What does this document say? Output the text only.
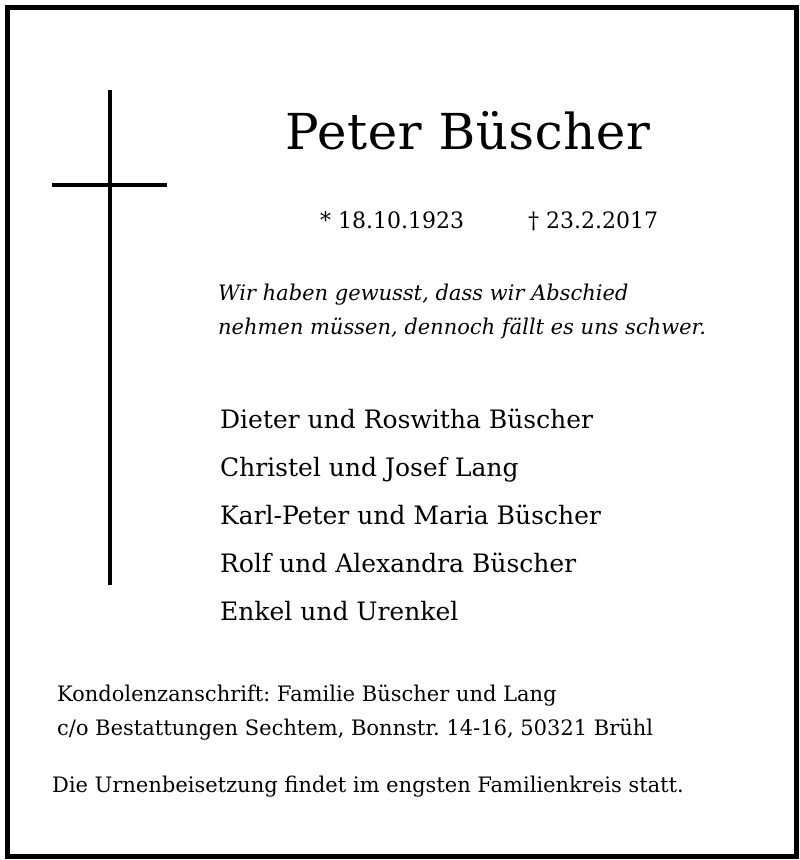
Peter Büscher
* 18.10.1923	† 23.2.2017
Wir haben gewusst, dass wir Abschied
nehmen müssen, dennoch fällt es uns schwer.
Dieter und Roswitha Büscher
Christel und Josef Lang
Karl-Peter und Maria Büscher
Rolf und Alexandra Büscher
Enkel und Urenkel
Kondolenzanschrift: Familie Büscher und Lang
c/o Bestattungen Sechtem, Bonnstr. 14-16, 50321 Brühl
Die Urnenbeisetzung findet im engsten Familienkreis statt.
